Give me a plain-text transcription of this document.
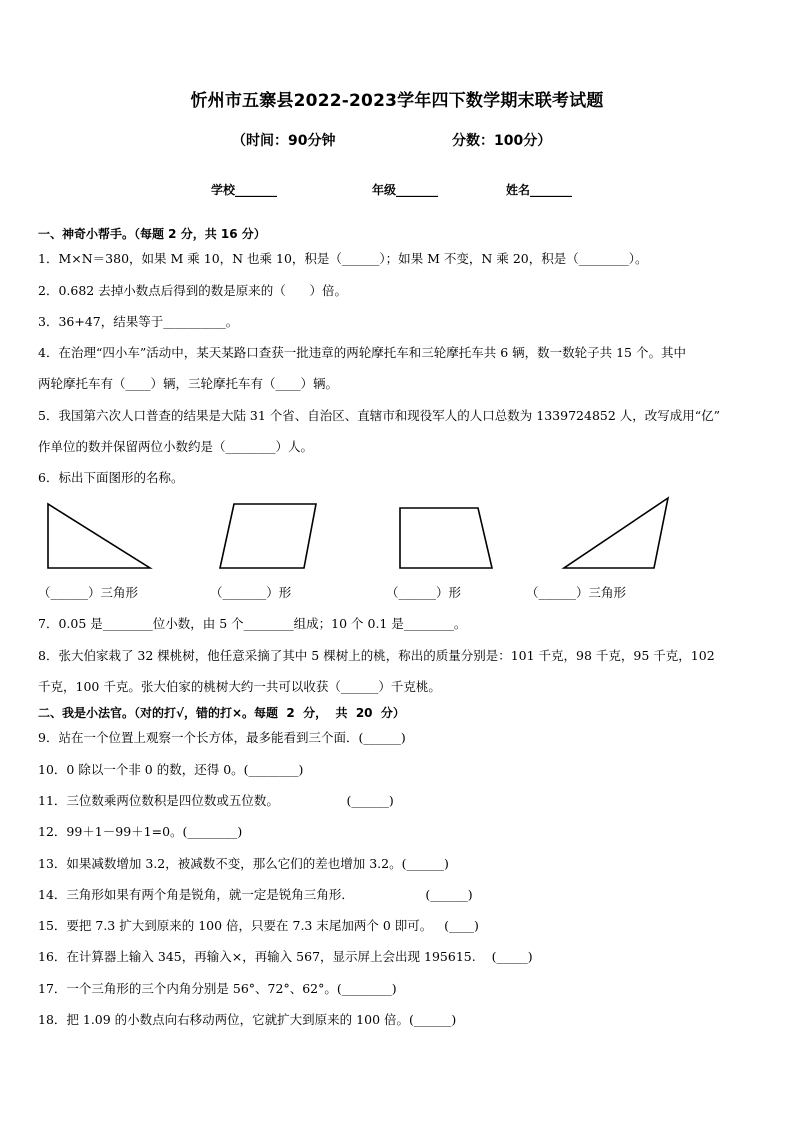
忻州市五寨县2022-2023学年四下数学期末联考试题
（时间：90分钟	分数：100分）
学校_______	年级_______	姓名_______
一、神奇小帮手。（每题 2 分，共 16 分）
1．M×N＝380，如果 M 乘 10，N 也乘 10，积是（______）；如果 M 不变，N 乘 20，积是（________）。
2．0.682 去掉小数点后得到的数是原来的（      ）倍。
3．36+47，结果等于__________。
4．在治理“四小车”活动中，某天某路口查获一批违章的两轮摩托车和三轮摩托车共 6 辆，数一数轮子共 15 个。其中
两轮摩托车有（____）辆，三轮摩托车有（____）辆。
5．我国第六次人口普查的结果是大陆 31 个省、自治区、直辖市和现役军人的人口总数为 1339724852 人，改写成用“亿”
作单位的数并保留两位小数约是（________）人。
6．标出下面图形的名称。
（______）三角形	（_______）形	（______）形	（______）三角形
7．0.05 是________位小数，由 5 个________组成；10 个 0.1 是________。
8．张大伯家栽了 32 棵桃树，他任意采摘了其中 5 棵树上的桃，称出的质量分别是：101 千克，98 千克，95 千克，102
千克，100 千克。张大伯家的桃树大约一共可以收获（______）千克桃。
二、我是小法官。（对的打√，错的打×。每题  2  分，  共  20  分）
9．站在一个位置上观察一个长方体，最多能看到三个面．(______)
10．0 除以一个非 0 的数，还得 0。(________)
11．三位数乘两位数积是四位数或五位数。                 (______)
12．99＋1－99＋1=0。(________)
13．如果减数增加 3.2，被减数不变，那么它们的差也增加 3.2。(______)
14．三角形如果有两个角是锐角，就一定是锐角三角形．                  (______)
15．要把 7.3 扩大到原来的 100 倍，只要在 7.3 末尾加两个 0 即可。   (____)
16．在计算器上输入 345，再输入×，再输入 567，显示屏上会出现 195615.    (_____)
17．一个三角形的三个内角分别是 56°、72°、62°。(________)
18．把 1.09 的小数点向右移动两位，它就扩大到原来的 100 倍。(______)
